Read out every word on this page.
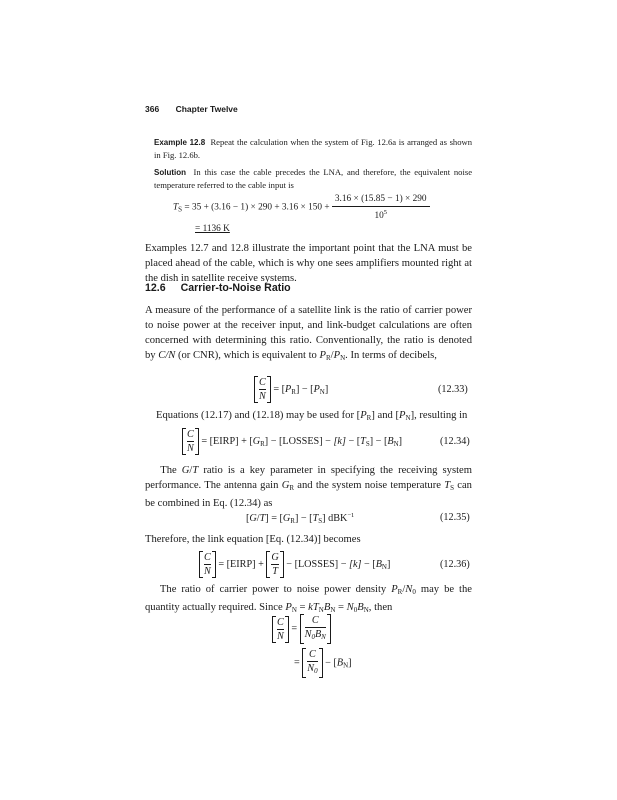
366 Chapter Twelve
Example 12.8 Repeat the calculation when the system of Fig. 12.6a is arranged as shown in Fig. 12.6b.
Solution In this case the cable precedes the LNA, and therefore, the equivalent noise temperature referred to the cable input is
$T_S = 35 + (3.16 - 1) \times 290 + 3.16 \times 150 + \frac{3.16 \times (15.85 - 1) \times 290}{10^5}$
= 1136 K
Examples 12.7 and 12.8 illustrate the important point that the LNA must be placed ahead of the cable, which is why one sees amplifiers mounted right at the dish in satellite receive systems.
12.6 Carrier-to-Noise Ratio
A measure of the performance of a satellite link is the ratio of carrier power to noise power at the receiver input, and link-budget calculations are often concerned with determining this ratio. Conventionally, the ratio is denoted by C/N (or CNR), which is equivalent to $P_R/P_N$. In terms of decibels,
$\frac{C}{N} = [P_R] - [P_N]$	(12.33)
Equations (12.17) and (12.18) may be used for $[P_R]$ and $[P_N]$, resulting in
$\frac{C}{N}$ = [EIRP] + $[G_R]$ − [LOSSES] − $[k] - [T_S] - [B_N]$	(12.34)
The G/T ratio is a key parameter in specifying the receiving system performance. The antenna gain $G_R$ and the system noise temperature $T_S$ can be combined in Eq. (12.34) as
$[G/T] = [G_R] - [T_S]$ dBK$^{-1}$	(12.35)
Therefore, the link equation [Eq. (12.34)] becomes
$\frac{C}{N}$ = [EIRP] + $\frac{G}{T}$ − [LOSSES] − $[k] - [B_N]$	(12.36)
The ratio of carrier power to noise power density $P_R/N_0$ may be the quantity actually required. Since $P_N = kT_NB_N = N_0B_N$, then
$\frac{C}{N} = \frac{C}{N_0B_N}$
= $\frac{C}{N_0} - [B_N]$
